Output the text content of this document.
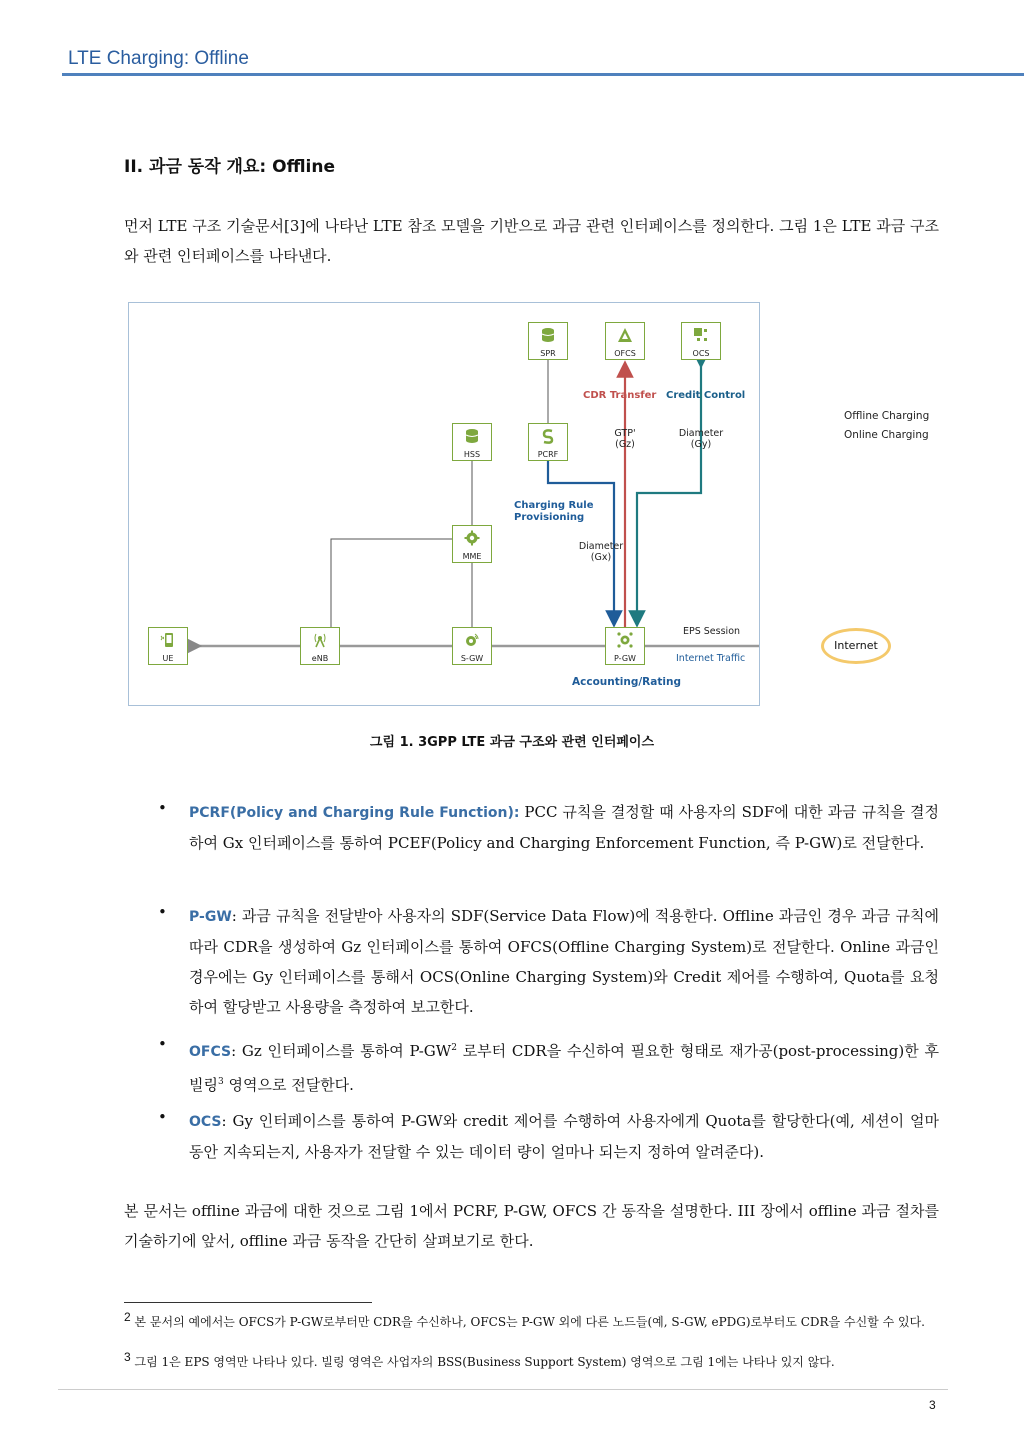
LTE Charging: Offline
II. 과금 동작 개요: Offline
먼저 LTE 구조 기술문서[3]에 나타난 LTE 참조 모델을 기반으로 과금 관련 인터페이스를 정의한다. 그림 1은 LTE 과금 구조와 관련 인터페이스를 나타낸다.
SPR	OFCS	OCS
HSS	PCRF
MME
UE	eNB	S-GW	P-GW
CDR Transfer Credit Control
GTP'
(Gz)
Diameter
(Gy)
Charging Rule
Provisioning
Diameter
(Gx)
EPS Session
Internet Traffic
Accounting/Rating
Internet
Offline Charging
Online Charging
그림 1. 3GPP LTE 과금 구조와 관련 인터페이스
• PCRF(Policy and Charging Rule Function): PCC 규칙을 결정할 때 사용자의 SDF에 대한 과금 규칙을 결정하여 Gx 인터페이스를 통하여 PCEF(Policy and Charging Enforcement Function, 즉 P-GW)로 전달한다.
• P-GW: 과금 규칙을 전달받아 사용자의 SDF(Service Data Flow)에 적용한다. Offline 과금인 경우 과금 규칙에 따라 CDR을 생성하여 Gz 인터페이스를 통하여 OFCS(Offline Charging System)로 전달한다. Online 과금인 경우에는 Gy 인터페이스를 통해서 OCS(Online Charging System)와 Credit 제어를 수행하여, Quota를 요청하여 할당받고 사용량을 측정하여 보고한다.
• OFCS: Gz 인터페이스를 통하여 $P-GW^2$ 로부터 CDR을 수신하여 필요한 형태로 재가공(post-processing)한 후 빌링$^3$ 영역으로 전달한다.
• OCS: Gy 인터페이스를 통하여 P-GW와 credit 제어를 수행하여 사용자에게 Quota를 할당한다(예, 세션이 얼마동안 지속되는지, 사용자가 전달할 수 있는 데이터 량이 얼마나 되는지 정하여 알려준다).
본 문서는 offline 과금에 대한 것으로 그림 1에서 PCRF, P-GW, OFCS 간 동작을 설명한다. III 장에서 offline 과금 절차를 기술하기에 앞서, offline 과금 동작을 간단히 살펴보기로 한다.
2 본 문서의 예에서는 OFCS가 P-GW로부터만 CDR을 수신하나, OFCS는 P-GW 외에 다른 노드들(예, S-GW, ePDG)로부터도 CDR을 수신할 수 있다.
3 그림 1은 EPS 영역만 나타나 있다. 빌링 영역은 사업자의 BSS(Business Support System) 영역으로 그림 1에는 나타나 있지 않다.
3
